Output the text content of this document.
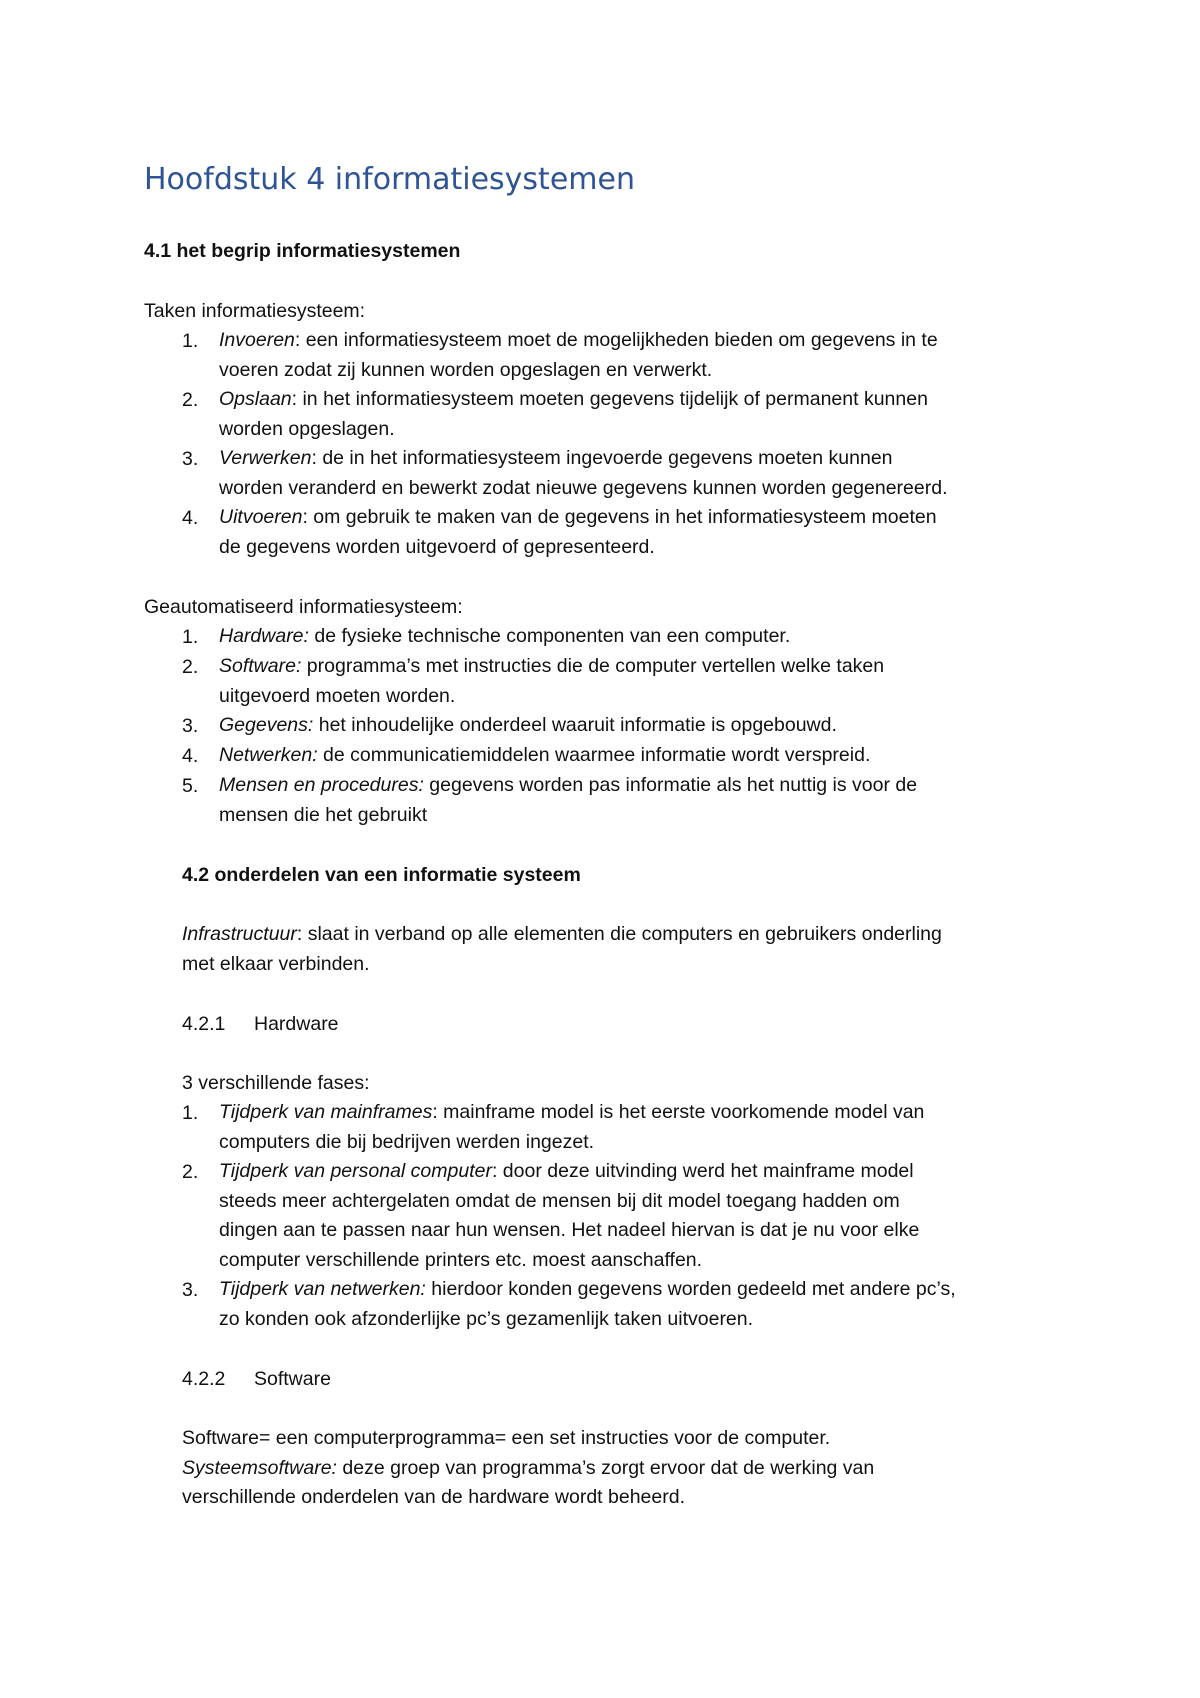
Hoofdstuk 4 informatiesystemen
4.1 het begrip informatiesystemen
Taken informatiesysteem:
1. Invoeren: een informatiesysteem moet de mogelijkheden bieden om gegevens in te
voeren zodat zij kunnen worden opgeslagen en verwerkt.
2. Opslaan: in het informatiesysteem moeten gegevens tijdelijk of permanent kunnen
worden opgeslagen.
3. Verwerken: de in het informatiesysteem ingevoerde gegevens moeten kunnen
worden veranderd en bewerkt zodat nieuwe gegevens kunnen worden gegenereerd.
4. Uitvoeren: om gebruik te maken van de gegevens in het informatiesysteem moeten
de gegevens worden uitgevoerd of gepresenteerd.
Geautomatiseerd informatiesysteem:
1. Hardware: de fysieke technische componenten van een computer.
2. Software: programma’s met instructies die de computer vertellen welke taken
uitgevoerd moeten worden.
3. Gegevens: het inhoudelijke onderdeel waaruit informatie is opgebouwd.
4. Netwerken: de communicatiemiddelen waarmee informatie wordt verspreid.
5. Mensen en procedures: gegevens worden pas informatie als het nuttig is voor de
mensen die het gebruikt
4.2 onderdelen van een informatie systeem
Infrastructuur: slaat in verband op alle elementen die computers en gebruikers onderling
met elkaar verbinden.
4.2.1 Hardware
3 verschillende fases:
1. Tijdperk van mainframes: mainframe model is het eerste voorkomende model van
computers die bij bedrijven werden ingezet.
2. Tijdperk van personal computer: door deze uitvinding werd het mainframe model
steeds meer achtergelaten omdat de mensen bij dit model toegang hadden om
dingen aan te passen naar hun wensen. Het nadeel hiervan is dat je nu voor elke
computer verschillende printers etc. moest aanschaffen.
3. Tijdperk van netwerken: hierdoor konden gegevens worden gedeeld met andere pc’s,
zo konden ook afzonderlijke pc’s gezamenlijk taken uitvoeren.
4.2.2 Software
Software= een computerprogramma= een set instructies voor de computer.
Systeemsoftware: deze groep van programma’s zorgt ervoor dat de werking van
verschillende onderdelen van de hardware wordt beheerd.
